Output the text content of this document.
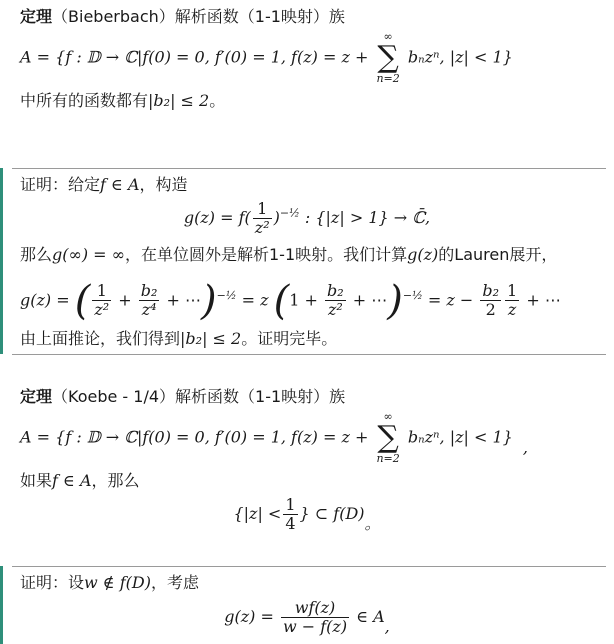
定理（Bieberbach）解析函数（1-1映射）族
A = {f : 𝔻 → ℂ|f(0) = 0, f′(0) = 1, f(z) = z +
∞
∑
n=2
bₙzⁿ, |z| < 1}
中所有的函数都有|b₂| ≤ 2。
证明：给定f ∈ A，构造
$g(z) = f( \frac{1}{\text{z²}} )^{-\frac{1}{2}}$ : {|z| > 1} → ℂ̄,
那么g(∞) = ∞，在单位圆外是解析1-1映射。我们计算g(z)的Lauren展开，
g(z) = ( $\frac{1}{\text{z²}} + \frac{\text{b₂}}{\text{z⁴}}$ + ⋯)$^{-\frac{1}{2}}$ = z ($1 + \frac{\text{b₂}}{\text{z²}}$ + ⋯)$^{-\frac{1}{2}}$ = $z - \frac{\text{b₂}}{2} \frac{1}{z}$ + ⋯
由上面推论，我们得到|b₂| ≤ 2。证明完毕。
定理（Koebe - 1/4）解析函数（1-1映射）族
A = {f : 𝔻 → ℂ|f(0) = 0, f′(0) = 1, f(z) = z +
∞
∑
n=2
bₙzⁿ, |z| < 1},
如果f ∈ A，那么
{$|z| < \frac{1}{4}$ } ⊂ f(D)。
证明：设w ∉ f(D)，考虑
$g(z) = \frac{wf(z)}{w - f(z)}$ ∈ A,
